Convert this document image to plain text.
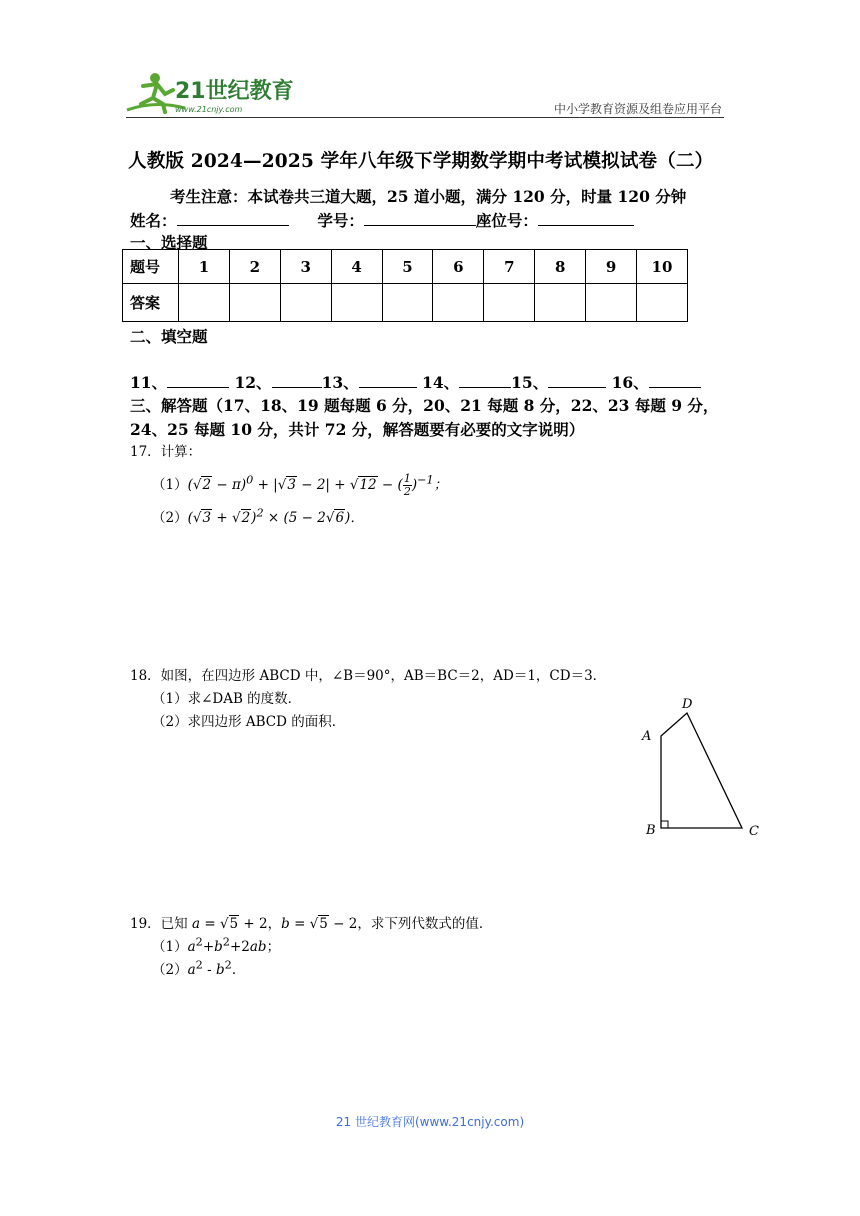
21世纪教育
www.21cnjy.com	中小学教育资源及组卷应用平台
人教版 2024—2025 学年八年级下学期数学期中考试模拟试卷（二）
考生注意：本试卷共三道大题，25 道小题，满分 120 分，时量 120 分钟
姓名：	学号：	座位号：
一、选择题
题号	1	2	3	4	5	6	7	8	9	10
答案										
二、填空题
11、	12、	13、	14、	15、	16、
三、解答题（17、18、19 题每题 6 分，20、21 每题 8 分，22、23 每题 9 分，24、25 每题 10 分，共计 72 分，解答题要有必要的文字说明）
17．计算：
$(1)(√2 - \pi)^0 + |√3 - 2| + √12$ − ( $\frac{1}{2} )^{-1}$；
$(2)(√3 + √2)^2 \times (5 - 2√6)$．
18．如图，在四边形 ABCD 中，∠B＝90°，AB＝BC＝2，AD＝1，CD＝3．
（1）求∠DAB 的度数．
（2）求四边形 ABCD 的面积．
A
D
B	C
19．已知 a = √5 + 2，b = √5 − 2，求下列代数式的值．
$(1)a^2+b^2+2ab$；
$(2)a^2 - b^2$．
21 世纪教育网(www.21cnjy.com)
